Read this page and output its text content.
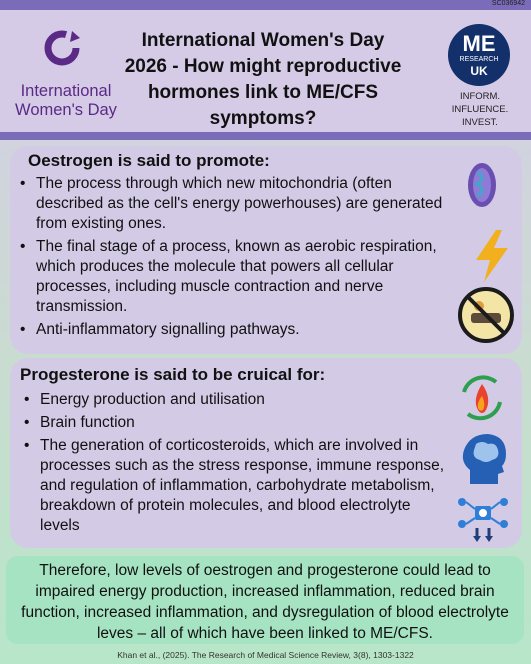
SC036942
International Women's Day
International Women's Day 2026 - How might reproductive hormones link to ME/CFS symptoms?
ME
RESEARCH
UK
INFORM.
INFLUENCE.
INVEST.
Oestrogen is said to promote:
• The process through which new mitochondria (often described as the cell's energy powerhouses) are generated from existing ones.
• The final stage of a process, known as aerobic respiration, which produces the molecule that powers all cellular processes, including muscle contraction and nerve transmission.
• Anti-inflammatory signalling pathways.
Progesterone is said to be cruical for:
• Energy production and utilisation
• Brain function
• The generation of corticosteroids, which are involved in processes such as the stress response, immune response, and regulation of inflammation, carbohydrate metabolism, breakdown of protein molecules, and blood electrolyte levels
Therefore, low levels of oestrogen and progesterone could lead to impaired energy production, increased inflammation, reduced brain function, increased inflammation, and dysregulation of blood electrolyte leves – all of which have been linked to ME/CFS.
Khan et al., (2025). The Research of Medical Science Review, 3(8), 1303-1322
